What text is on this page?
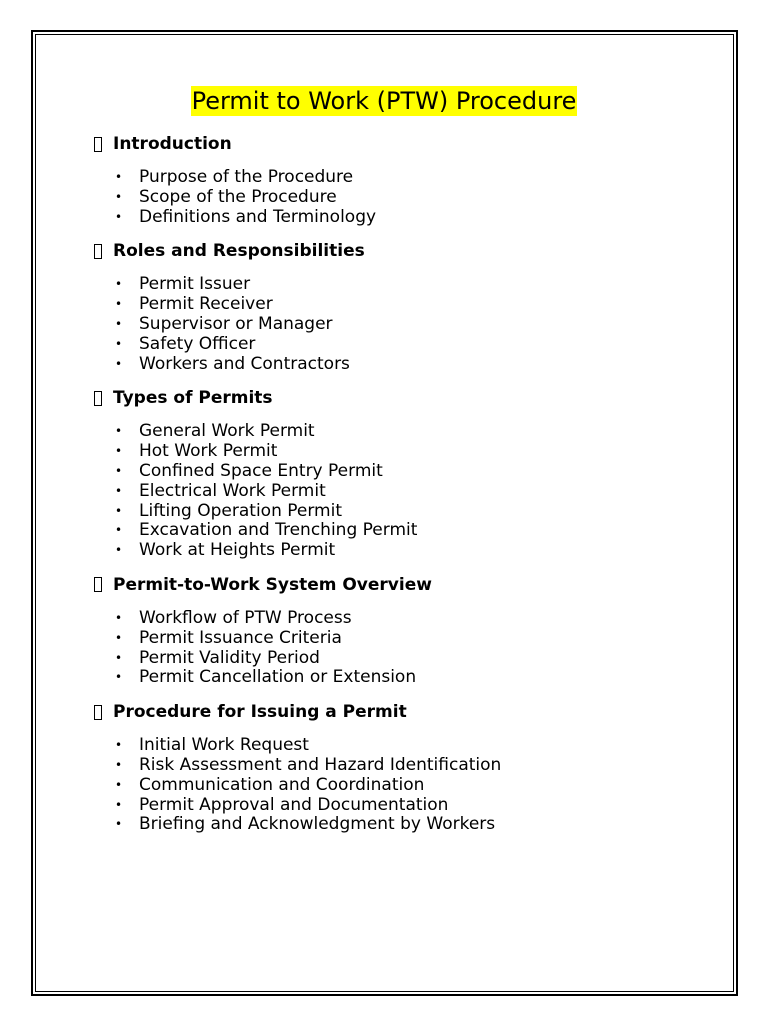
Permit to Work (PTW) Procedure
Introduction
• Purpose of the Procedure
• Scope of the Procedure
• Definitions and Terminology
Roles and Responsibilities
• Permit Issuer
• Permit Receiver
• Supervisor or Manager
• Safety Officer
• Workers and Contractors
Types of Permits
• General Work Permit
• Hot Work Permit
• Confined Space Entry Permit
• Electrical Work Permit
• Lifting Operation Permit
• Excavation and Trenching Permit
• Work at Heights Permit
Permit-to-Work System Overview
• Workflow of PTW Process
• Permit Issuance Criteria
• Permit Validity Period
• Permit Cancellation or Extension
Procedure for Issuing a Permit
• Initial Work Request
• Risk Assessment and Hazard Identification
• Communication and Coordination
• Permit Approval and Documentation
• Briefing and Acknowledgment by Workers
